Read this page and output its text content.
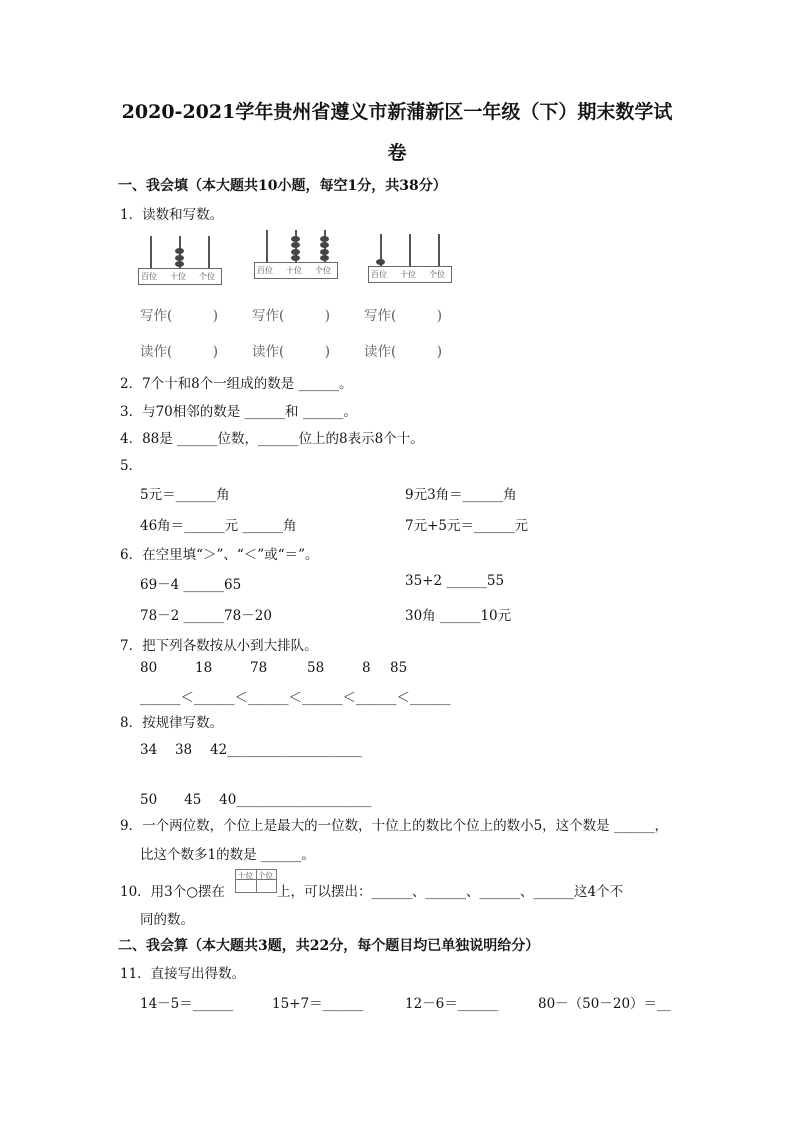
2020-2021学年贵州省遵义市新蒲新区一年级（下）期末数学试
卷
一、我会填（本大题共10小题，每空1分，共38分）
1．读数和写数。
百位 十位 个位
百位 十位 个位	百位 十位 个位
写作(　　　)	写作(　　　)	写作(　　　)
读作(　　　)	读作(　　　)	读作(　　　)
2．7个十和8个一组成的数是 ______。
3．与70相邻的数是 ______和 ______。
4．88是 ______位数，______位上的8表示8个十。
5．
5元＝______角	9元3角＝______角
46角＝______元 ______角	7元+5元＝______元
6．在空里填“＞”、“＜”或“＝”。
69－4 ______65	35+2 ______55
78－2 ______78－20	30角 ______10元
7．把下列各数按从小到大排队。
80	18	78	58	8 85
______＜______＜______＜______＜______＜______
8．按规律写数。
34　 38　 42____________________
50　　45　 40____________________
9．一个两位数，个位上是最大的一位数，十位上的数比个位上的数小5，这个数是 ______，
比这个数多1的数是 ______。
10．用3个○摆在
十位 个位
上，可以摆出：______、______、______、______这4个不
同的数。
二、我会算（本大题共3题，共22分，每个题目均已单独说明给分）
11．直接写出得数。
14－5＝______	15+7＝______	12－6＝______	80－（50－20）＝__
